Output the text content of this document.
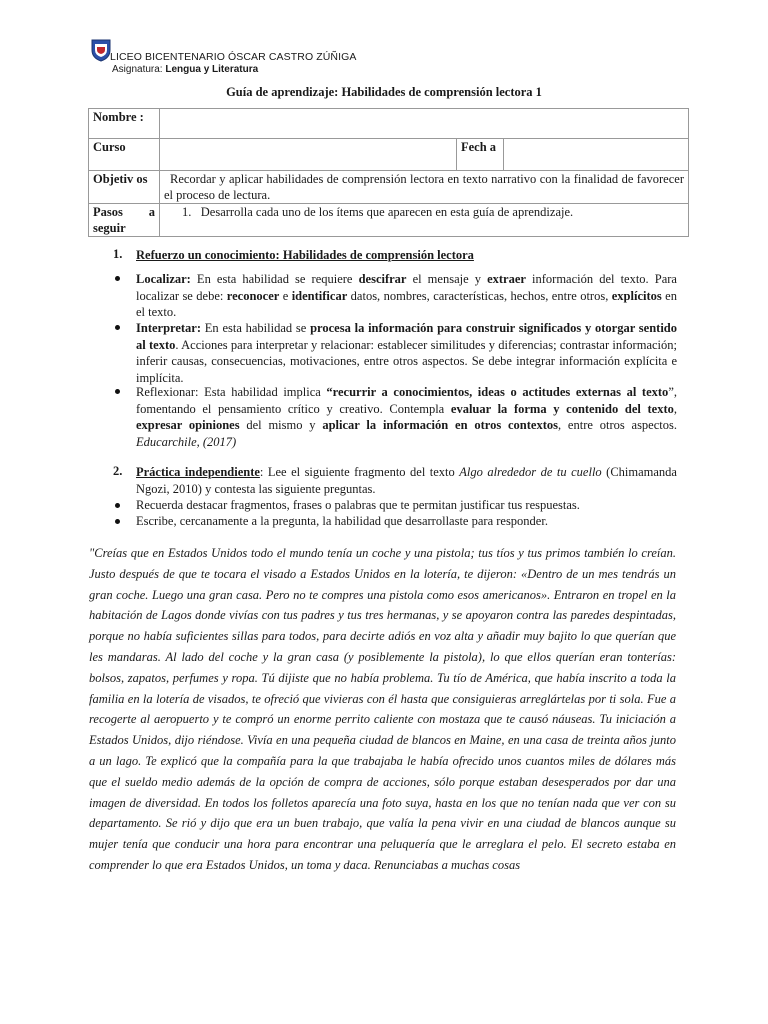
LICEO BICENTENARIO ÓSCAR CASTRO ZÚÑIGA
Asignatura: Lengua y Literatura
Guía de aprendizaje: Habilidades de comprensión lectora 1
Nombre :			
Curso		Fech a	
Objetiv os	Recordar y aplicar habilidades de comprensión lectora en texto narrativo con la finalidad de favorecer el proceso de lectura.		
Pasos a seguir	1. Desarrolla cada uno de los ítems que aparecen en esta guía de aprendizaje.		
1. Refuerzo un conocimiento: Habilidades de comprensión lectora
Localizar: En esta habilidad se requiere descifrar el mensaje y extraer información del texto. Para localizar se debe: reconocer e identificar datos, nombres, características, hechos, entre otros, explícitos en el texto.
Interpretar: En esta habilidad se procesa la información para construir significados y otorgar sentido al texto. Acciones para interpretar y relacionar: establecer similitudes y diferencias; contrastar información; inferir causas, consecuencias, motivaciones, entre otros aspectos. Se debe integrar información explícita e implícita.
Reflexionar: Esta habilidad implica “recurrir a conocimientos, ideas o actitudes externas al texto”, fomentando el pensamiento crítico y creativo. Contempla evaluar la forma y contenido del texto, expresar opiniones del mismo y aplicar la información en otros contextos, entre otros aspectos. Educarchile, (2017)
2. Práctica independiente: Lee el siguiente fragmento del texto Algo alrededor de tu cuello (Chimamanda Ngozi, 2010) y contesta las siguiente preguntas.
Recuerda destacar fragmentos, frases o palabras que te permitan justificar tus respuestas.
Escribe, cercanamente a la pregunta, la habilidad que desarrollaste para responder.

"Creías que en Estados Unidos todo el mundo tenía un coche y una pistola; tus tíos y tus primos también lo creían. Justo después de que te tocara el visado a Estados Unidos en la lotería, te dijeron: «Dentro de un mes tendrás un gran coche. Luego una gran casa. Pero no te compres una pistola como esos americanos». Entraron en tropel en la habitación de Lagos donde vivías con tus padres y tus tres hermanas, y se apoyaron contra las paredes despintadas, porque no había suficientes sillas para todos, para decirte adiós en voz alta y añadir muy bajito lo que querían que les mandaras. Al lado del coche y la gran casa (y posiblemente la pistola), lo que ellos querían eran tonterías: bolsos, zapatos, perfumes y ropa. Tú dijiste que no había problema. Tu tío de América, que había inscrito a toda la familia en la lotería de visados, te ofreció que vivieras con él hasta que consiguieras arreglártelas por ti sola. Fue a recogerte al aeropuerto y te compró un enorme perrito caliente con mostaza que te causó náuseas. Tu iniciación a Estados Unidos, dijo riéndose. Vivía en una pequeña ciudad de blancos en Maine, en una casa de treinta años junto a un lago. Te explicó que la compañía para la que trabajaba le había ofrecido unos cuantos miles de dólares más que el sueldo medio además de la opción de compra de acciones, sólo porque estaban desesperados por dar una imagen de diversidad. En todos los folletos aparecía una foto suya, hasta en los que no tenían nada que ver con su departamento. Se rió y dijo que era un buen trabajo, que valía la pena vivir en una ciudad de blancos aunque su mujer tenía que conducir una hora para encontrar una peluquería que le arreglara el pelo. El secreto estaba en comprender lo que era Estados Unidos, un toma y daca. Renunciabas a muchas cosas
